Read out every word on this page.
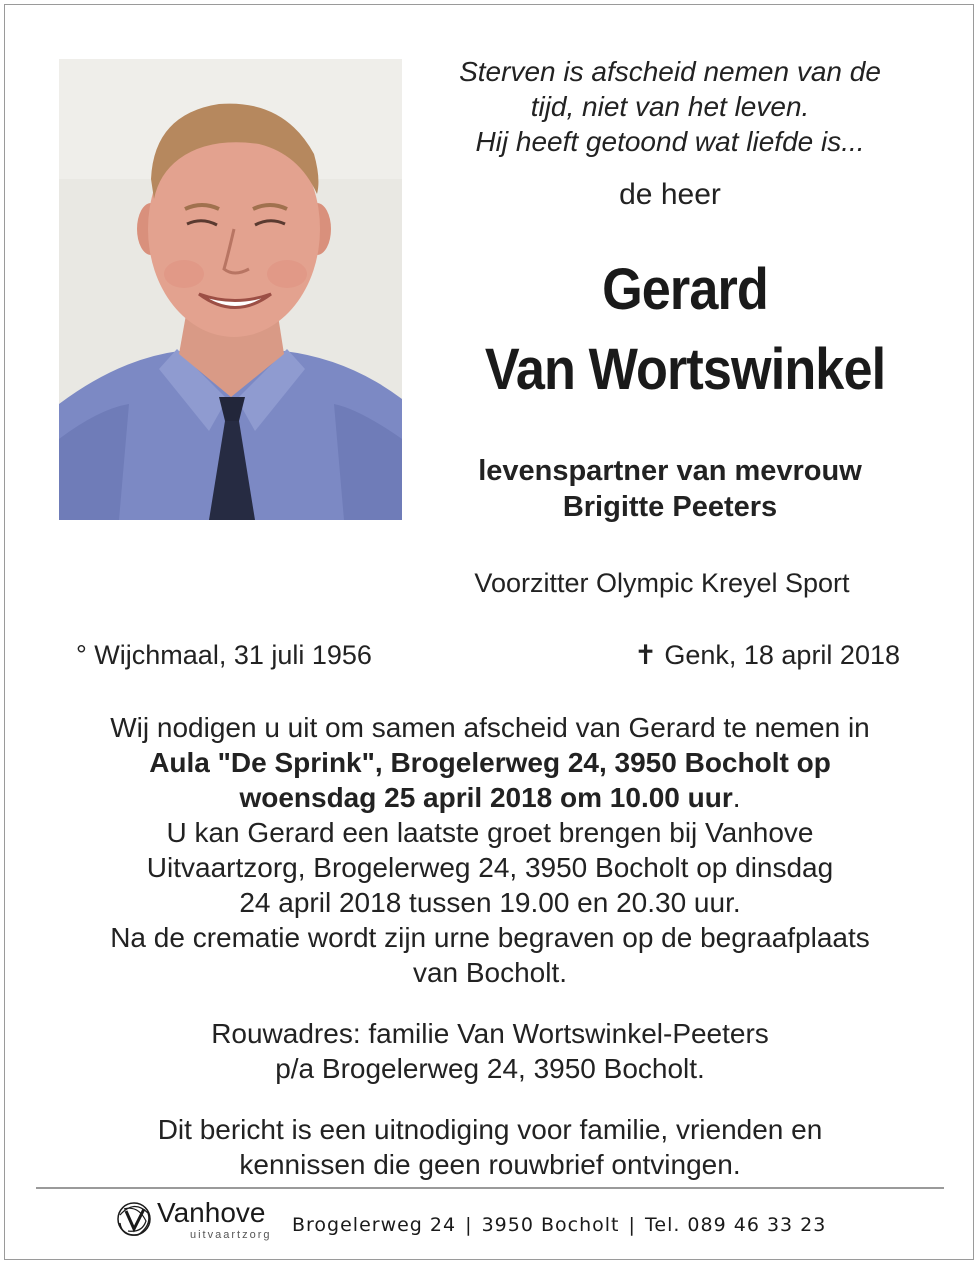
Sterven is afscheid nemen van de
tijd, niet van het leven.
Hij heeft getoond wat liefde is...
de heer
Gerard
Van Wortswinkel
levenspartner van mevrouw
Brigitte Peeters
Voorzitter Olympic Kreyel Sport
° Wijchmaal, 31 juli 1956	✝ Genk, 18 april 2018
Wij nodigen u uit om samen afscheid van Gerard te nemen in
Aula "De Sprink", Brogelerweg 24, 3950 Bocholt op
woensdag 25 april 2018 om 10.00 uur.
U kan Gerard een laatste groet brengen bij Vanhove
Uitvaartzorg, Brogelerweg 24, 3950 Bocholt op dinsdag
24 april 2018 tussen 19.00 en 20.30 uur.
Na de crematie wordt zijn urne begraven op de begraafplaats
van Bocholt.
Rouwadres: familie Van Wortswinkel-Peeters
p/a Brogelerweg 24, 3950 Bocholt.
Dit bericht is een uitnodiging voor familie, vrienden en
kennissen die geen rouwbrief ontvingen.
Vanhove
uitvaartzorg Brogelerweg 24 | 3950 Bocholt | Tel. 089 46 33 23
